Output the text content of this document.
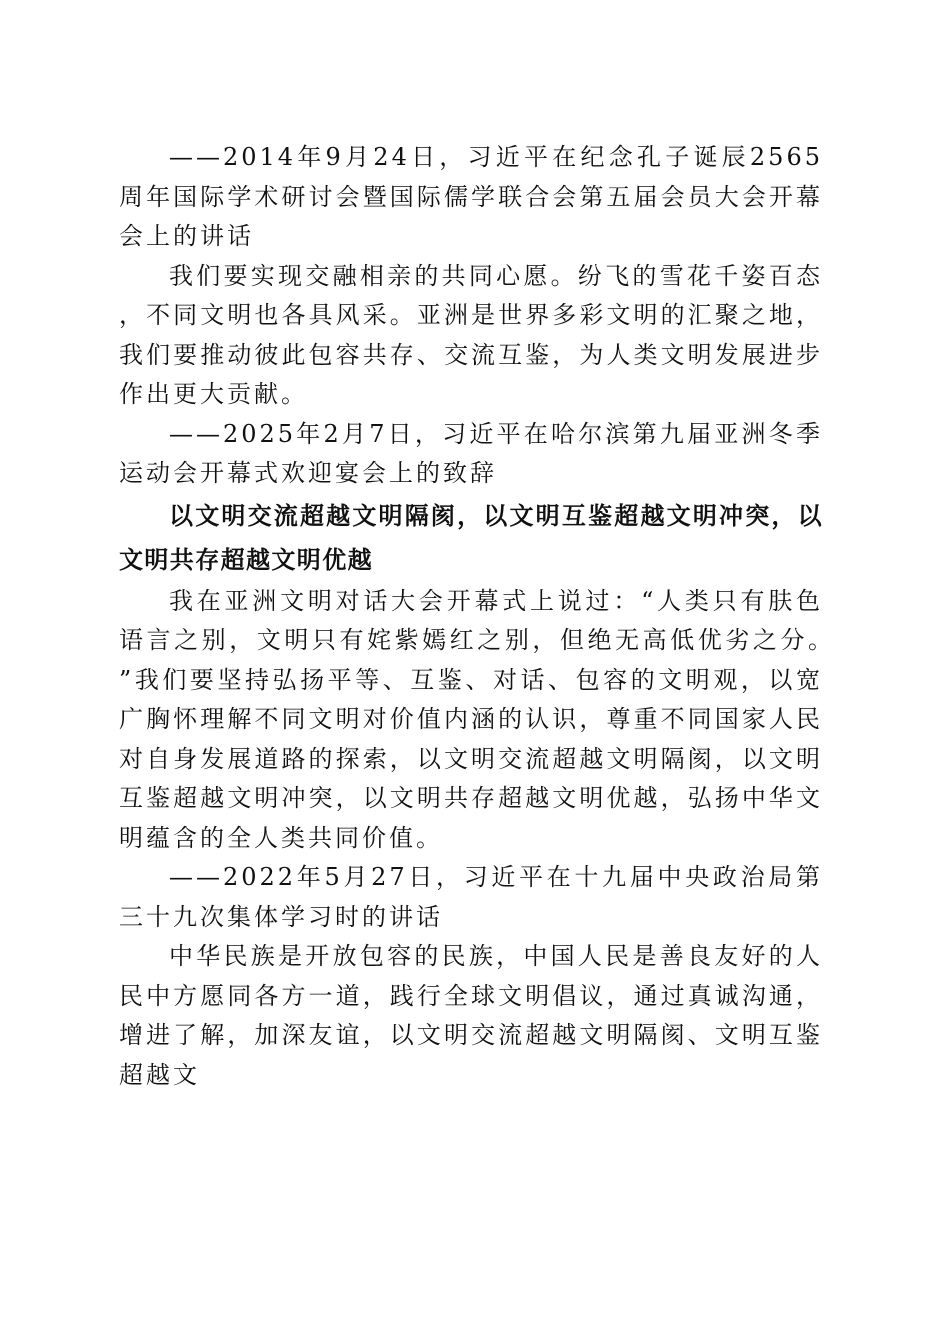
——2014年9月24日，习近平在纪念孔子诞辰2565周年国际学术研讨会暨国际儒学联合会第五届会员大会开幕会上的讲话

我们要实现交融相亲的共同心愿。纷飞的雪花千姿百态，不同文明也各具风采。亚洲是世界多彩文明的汇聚之地，我们要推动彼此包容共存、交流互鉴，为人类文明发展进步作出更大贡献。

——2025年2月7日，习近平在哈尔滨第九届亚洲冬季运动会开幕式欢迎宴会上的致辞

以文明交流超越文明隔阂，以文明互鉴超越文明冲突，以文明共存超越文明优越

我在亚洲文明对话大会开幕式上说过：“人类只有肤色语言之别，文明只有姹紫嫣红之别，但绝无高低优劣之分。”我们要坚持弘扬平等、互鉴、对话、包容的文明观，以宽广胸怀理解不同文明对价值内涵的认识，尊重不同国家人民对自身发展道路的探索，以文明交流超越文明隔阂，以文明互鉴超越文明冲突，以文明共存超越文明优越，弘扬中华文明蕴含的全人类共同价值。

——2022年5月27日，习近平在十九届中央政治局第三十九次集体学习时的讲话

中华民族是开放包容的民族，中国人民是善良友好的人民中方愿同各方一道，践行全球文明倡议，通过真诚沟通，增进了解，加深友谊，以文明交流超越文明隔阂、文明互鉴超越文
